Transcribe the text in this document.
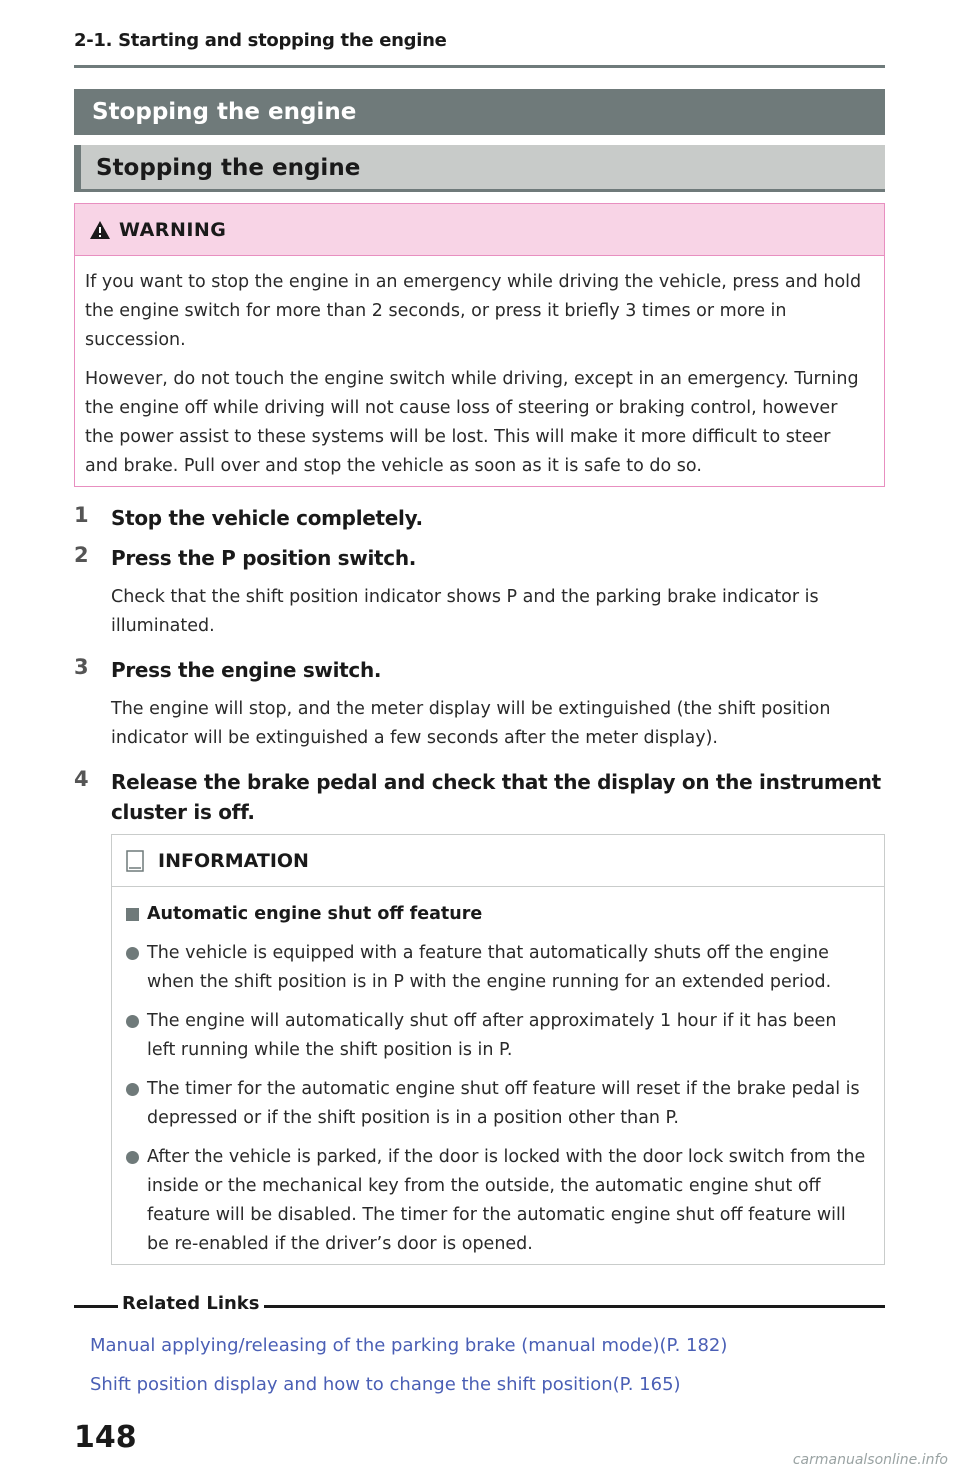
2-1. Starting and stopping the engine
Stopping the engine
Stopping the engine
WARNING

If you want to stop the engine in an emergency while driving the vehicle, press and hold the engine switch for more than 2 seconds, or press it briefly 3 times or more in succession.

However, do not touch the engine switch while driving, except in an emergency. Turning the engine off while driving will not cause loss of steering or braking control, however the power assist to these systems will be lost. This will make it more difficult to steer and brake. Pull over and stop the vehicle as soon as it is safe to do so.

1	Stop the vehicle completely.
2	Press the P position switch.
Check that the shift position indicator shows P and the parking brake indicator is illuminated.
3	Press the engine switch.
The engine will stop, and the meter display will be extinguished (the shift position indicator will be extinguished a few seconds after the meter display).
4	Release the brake pedal and check that the display on the instrument cluster is off.
INFORMATION
Automatic engine shut off feature
The vehicle is equipped with a feature that automatically shuts off the engine when the shift position is in P with the engine running for an extended period.
The engine will automatically shut off after approximately 1 hour if it has been left running while the shift position is in P.
The timer for the automatic engine shut off feature will reset if the brake pedal is depressed or if the shift position is in a position other than P.
After the vehicle is parked, if the door is locked with the door lock switch from the inside or the mechanical key from the outside, the automatic engine shut off feature will be disabled. The timer for the automatic engine shut off feature will be re-enabled if the driver’s door is opened.
Related Links
Manual applying/releasing of the parking brake (manual mode)(P. 182)
Shift position display and how to change the shift position(P. 165)
148
carmanualsonline.info
